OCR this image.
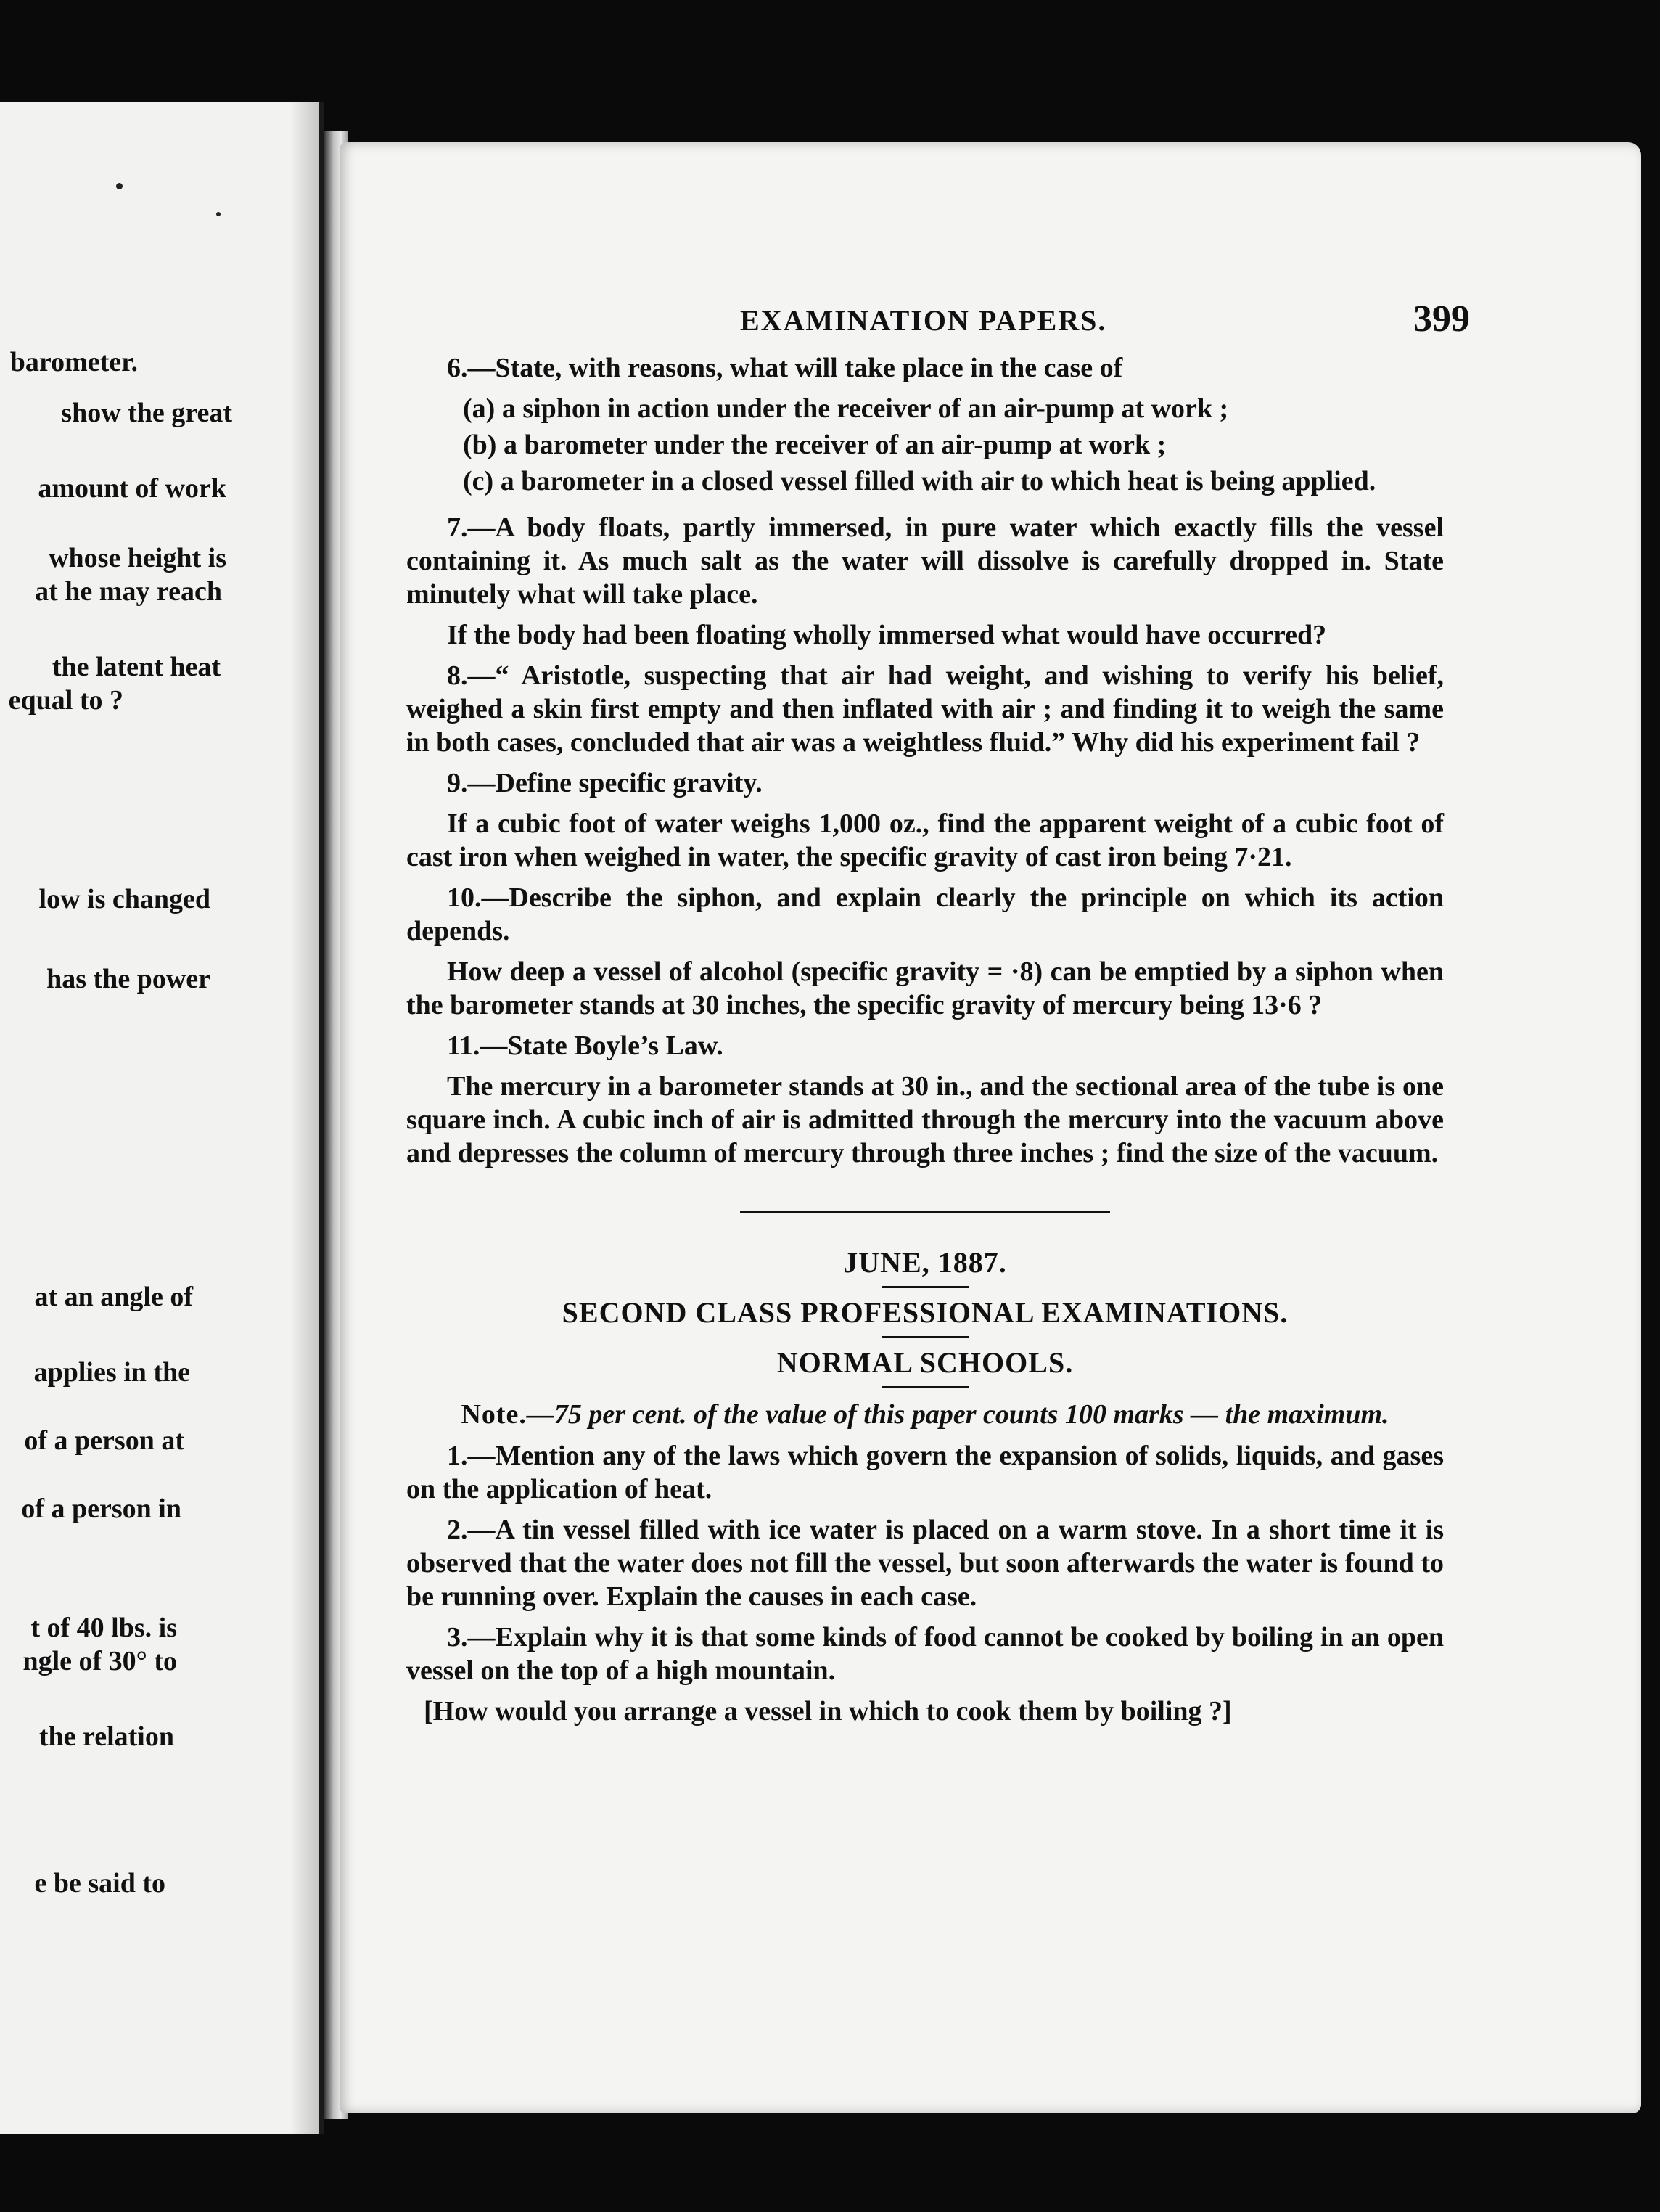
barometer.
show the great
amount of work
whose height is
at he may reach
the latent heat
equal to ?
low is changed
has the power
at an angle of
applies in the
of a person at
of a person in
t of 40 lbs. is
ngle of 30° to
the relation
e be said to
EXAMINATION PAPERS.	399

6.—State, with reasons, what will take place in the case of

(a) a siphon in action under the receiver of an air-pump at work ;

(b) a barometer under the receiver of an air-pump at work ;

(c) a barometer in a closed vessel filled with air to which heat is being applied.

7.—A body floats, partly immersed, in pure water which exactly fills the vessel containing it. As much salt as the water will dissolve is carefully dropped in. State minutely what will take place.

If the body had been floating wholly immersed what would have occurred?

8.—“ Aristotle, suspecting that air had weight, and wishing to verify his belief, weighed a skin first empty and then inflated with air ; and finding it to weigh the same in both cases, concluded that air was a weightless fluid.” Why did his experiment fail ?

9.—Define specific gravity.

If a cubic foot of water weighs 1,000 oz., find the apparent weight of a cubic foot of cast iron when weighed in water, the specific gravity of cast iron being 7·21.

10.—Describe the siphon, and explain clearly the principle on which its action depends.

How deep a vessel of alcohol (specific gravity = ·8) can be emptied by a siphon when the barometer stands at 30 inches, the specific gravity of mercury being 13·6 ?

11.—State Boyle’s Law.

The mercury in a barometer stands at 30 in., and the sectional area of the tube is one square inch. A cubic inch of air is admitted through the mercury into the vacuum above and depresses the column of mercury through three inches ; find the size of the vacuum.

JUNE, 1887.
SECOND CLASS PROFESSIONAL EXAMINATIONS.
NORMAL SCHOOLS.

Note.—75 per cent. of the value of this paper counts 100 marks — the maximum.

1.—Mention any of the laws which govern the expansion of solids, liquids, and gases on the application of heat.

2.—A tin vessel filled with ice water is placed on a warm stove. In a short time it is observed that the water does not fill the vessel, but soon afterwards the water is found to be running over. Explain the causes in each case.

3.—Explain why it is that some kinds of food cannot be cooked by boiling in an open vessel on the top of a high mountain.

[How would you arrange a vessel in which to cook them by boiling ?]
